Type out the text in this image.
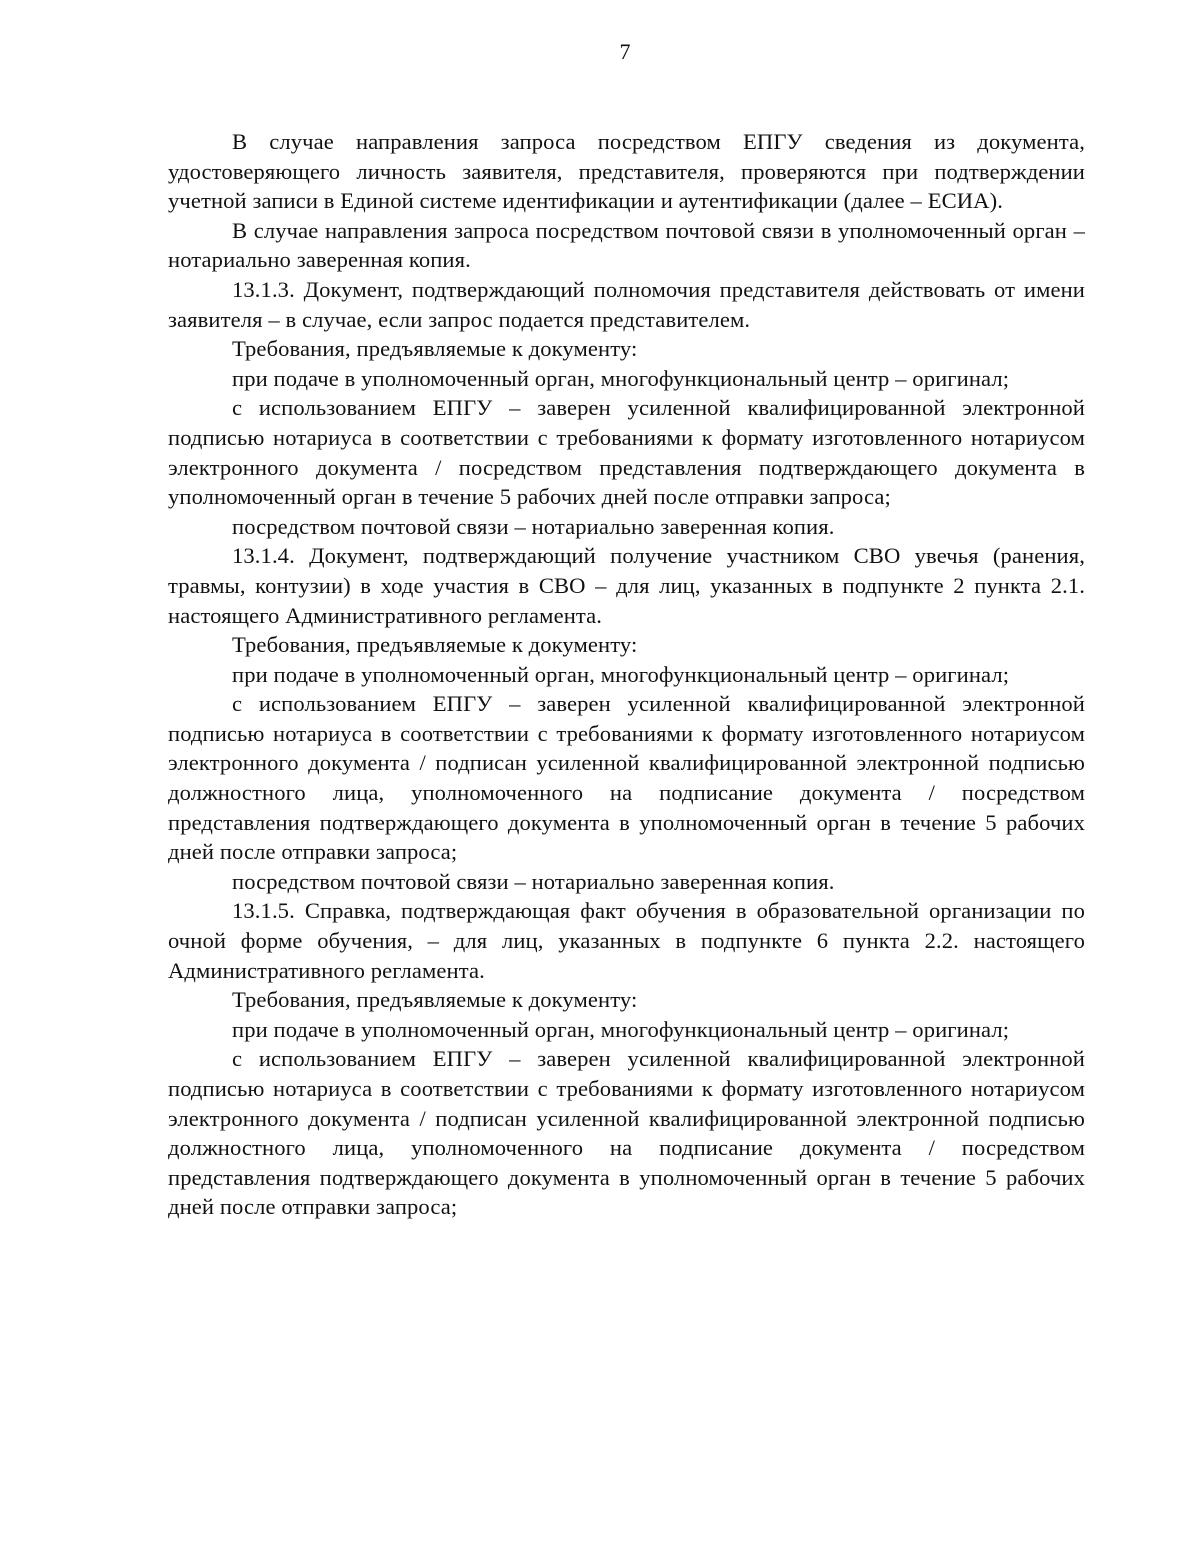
7

В случае направления запроса посредством ЕПГУ сведения из документа, удостоверяющего личность заявителя, представителя, проверяются при подтверждении учетной записи в Единой системе идентификации и аутентификации (далее – ЕСИА).

В случае направления запроса посредством почтовой связи в уполномоченный орган – нотариально заверенная копия.

13.1.3. Документ, подтверждающий полномочия представителя действовать от имени заявителя – в случае, если запрос подается представителем.

Требования, предъявляемые к документу:

при подаче в уполномоченный орган, многофункциональный центр – оригинал;

с использованием ЕПГУ – заверен усиленной квалифицированной электронной подписью нотариуса в соответствии с требованиями к формату изготовленного нотариусом электронного документа / посредством представления подтверждающего документа в уполномоченный орган в течение 5 рабочих дней после отправки запроса;

посредством почтовой связи – нотариально заверенная копия.

13.1.4. Документ, подтверждающий получение участником СВО увечья (ранения, травмы, контузии) в ходе участия в СВО – для лиц, указанных в подпункте 2 пункта 2.1. настоящего Административного регламента.

Требования, предъявляемые к документу:

при подаче в уполномоченный орган, многофункциональный центр – оригинал;

с использованием ЕПГУ – заверен усиленной квалифицированной электронной подписью нотариуса в соответствии с требованиями к формату изготовленного нотариусом электронного документа / подписан усиленной квалифицированной электронной подписью должностного лица, уполномоченного на подписание документа / посредством представления подтверждающего документа в уполномоченный орган в течение 5 рабочих дней после отправки запроса;

посредством почтовой связи – нотариально заверенная копия.

13.1.5. Справка, подтверждающая факт обучения в образовательной организации по очной форме обучения, – для лиц, указанных в подпункте 6 пункта 2.2. настоящего Административного регламента.

Требования, предъявляемые к документу:

при подаче в уполномоченный орган, многофункциональный центр – оригинал;

с использованием ЕПГУ – заверен усиленной квалифицированной электронной подписью нотариуса в соответствии с требованиями к формату изготовленного нотариусом электронного документа / подписан усиленной квалифицированной электронной подписью должностного лица, уполномоченного на подписание документа / посредством представления подтверждающего документа в уполномоченный орган в течение 5 рабочих дней после отправки запроса;
